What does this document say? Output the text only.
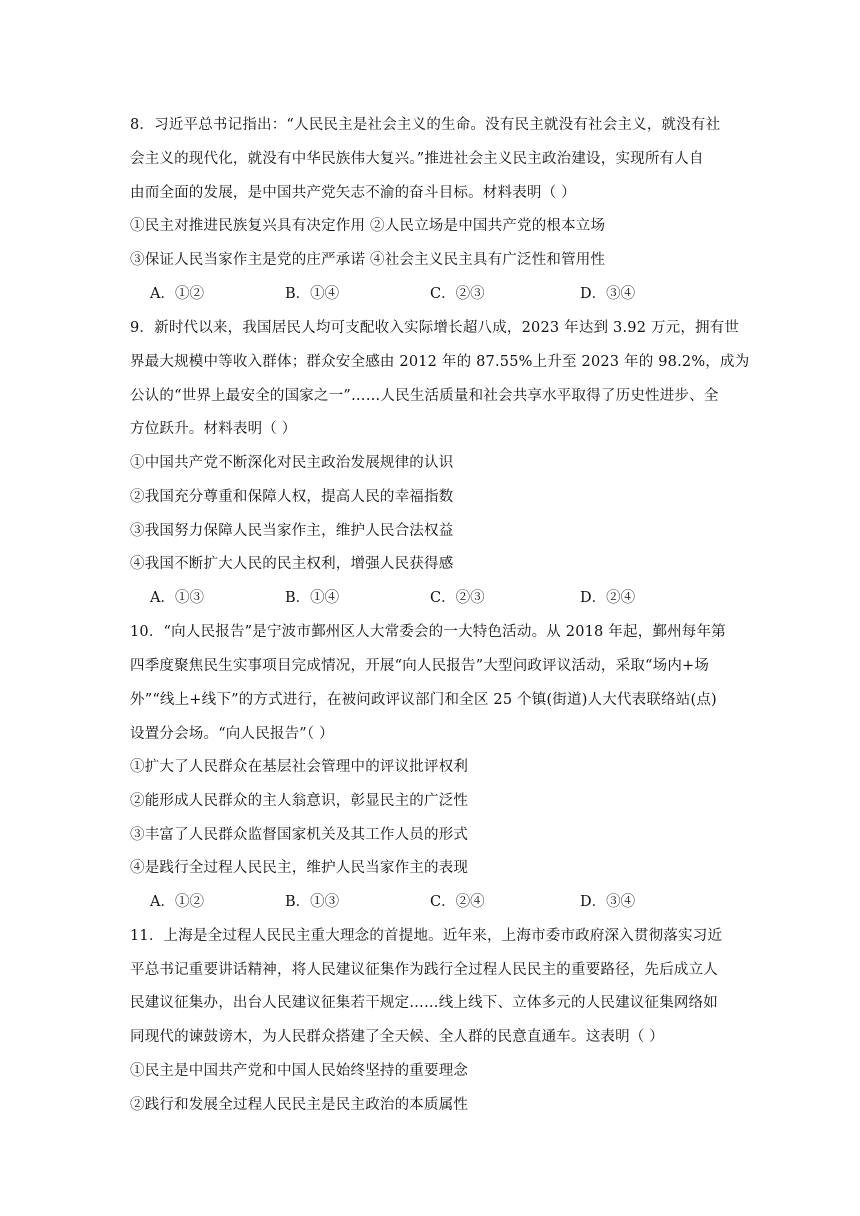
8．习近平总书记指出：“人民民主是社会主义的生命。没有民主就没有社会主义，就没有社
会主义的现代化，就没有中华民族伟大复兴。”推进社会主义民主政治建设，实现所有人自
由而全面的发展，是中国共产党矢志不渝的奋斗目标。材料表明（ ）
①民主对推进民族复兴具有决定作用 ②人民立场是中国共产党的根本立场
③保证人民当家作主是党的庄严承诺 ④社会主义民主具有广泛性和管用性
A．①②	B．①④	C．②③	D．③④
9．新时代以来，我国居民人均可支配收入实际增长超八成，2023 年达到 3.92 万元，拥有世
界最大规模中等收入群体；群众安全感由 2012 年的 87.55%上升至 2023 年的 98.2%，成为
公认的“世界上最安全的国家之一”……人民生活质量和社会共享水平取得了历史性进步、全
方位跃升。材料表明（ ）
①中国共产党不断深化对民主政治发展规律的认识
②我国充分尊重和保障人权，提高人民的幸福指数
③我国努力保障人民当家作主，维护人民合法权益
④我国不断扩大人民的民主权利，增强人民获得感
A．①③	B．①④	C．②③	D．②④
10．“向人民报告”是宁波市鄞州区人大常委会的一大特色活动。从 2018 年起，鄞州每年第
四季度聚焦民生实事项目完成情况，开展“向人民报告”大型问政评议活动，采取“场内+场
外”“线上+线下”的方式进行，在被问政评议部门和全区 25 个镇(街道)人大代表联络站(点)
设置分会场。“向人民报告”（ ）
①扩大了人民群众在基层社会管理中的评议批评权利
②能形成人民群众的主人翁意识，彰显民主的广泛性
③丰富了人民群众监督国家机关及其工作人员的形式
④是践行全过程人民民主，维护人民当家作主的表现
A．①②	B．①③	C．②④	D．③④
11．上海是全过程人民民主重大理念的首提地。近年来，上海市委市政府深入贯彻落实习近
平总书记重要讲话精神，将人民建议征集作为践行全过程人民民主的重要路径，先后成立人
民建议征集办，出台人民建议征集若干规定……线上线下、立体多元的人民建议征集网络如
同现代的谏鼓谤木，为人民群众搭建了全天候、全人群的民意直通车。这表明（ ）
①民主是中国共产党和中国人民始终坚持的重要理念
②践行和发展全过程人民民主是民主政治的本质属性
